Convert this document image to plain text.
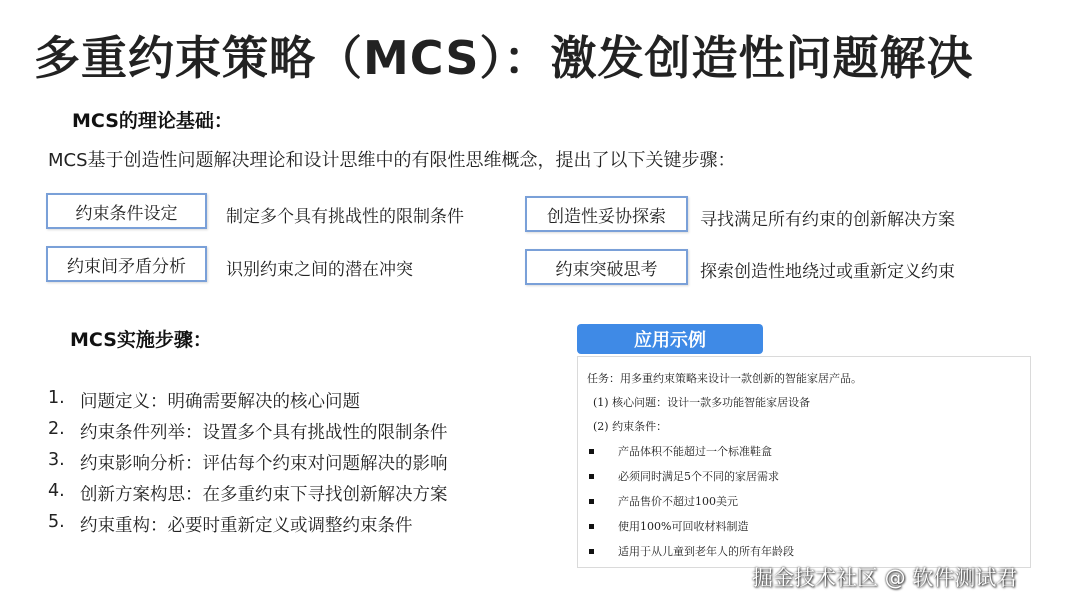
多重约束策略（MCS）：激发创造性问题解决
MCS的理论基础：
MCS基于创造性问题解决理论和设计思维中的有限性思维概念，提出了以下关键步骤：
约束条件设定	制定多个具有挑战性的限制条件
约束间矛盾分析	识别约束之间的潜在冲突
创造性妥协探索	寻找满足所有约束的创新解决方案
约束突破思考	探索创造性地绕过或重新定义约束
MCS实施步骤：
1. 问题定义：明确需要解决的核心问题
2. 约束条件列举：设置多个具有挑战性的限制条件
3. 约束影响分析：评估每个约束对问题解决的影响
4. 创新方案构思：在多重约束下寻找创新解决方案
5. 约束重构：必要时重新定义或调整约束条件
应用示例
任务：用多重约束策略来设计一款创新的智能家居产品。
(1) 核心问题：设计一款多功能智能家居设备
(2) 约束条件：
产品体积不能超过一个标准鞋盒
必须同时满足5个不同的家居需求
产品售价不超过100美元
使用100%可回收材料制造
适用于从儿童到老年人的所有年龄段
掘金技术社区 @ 软件测试君
